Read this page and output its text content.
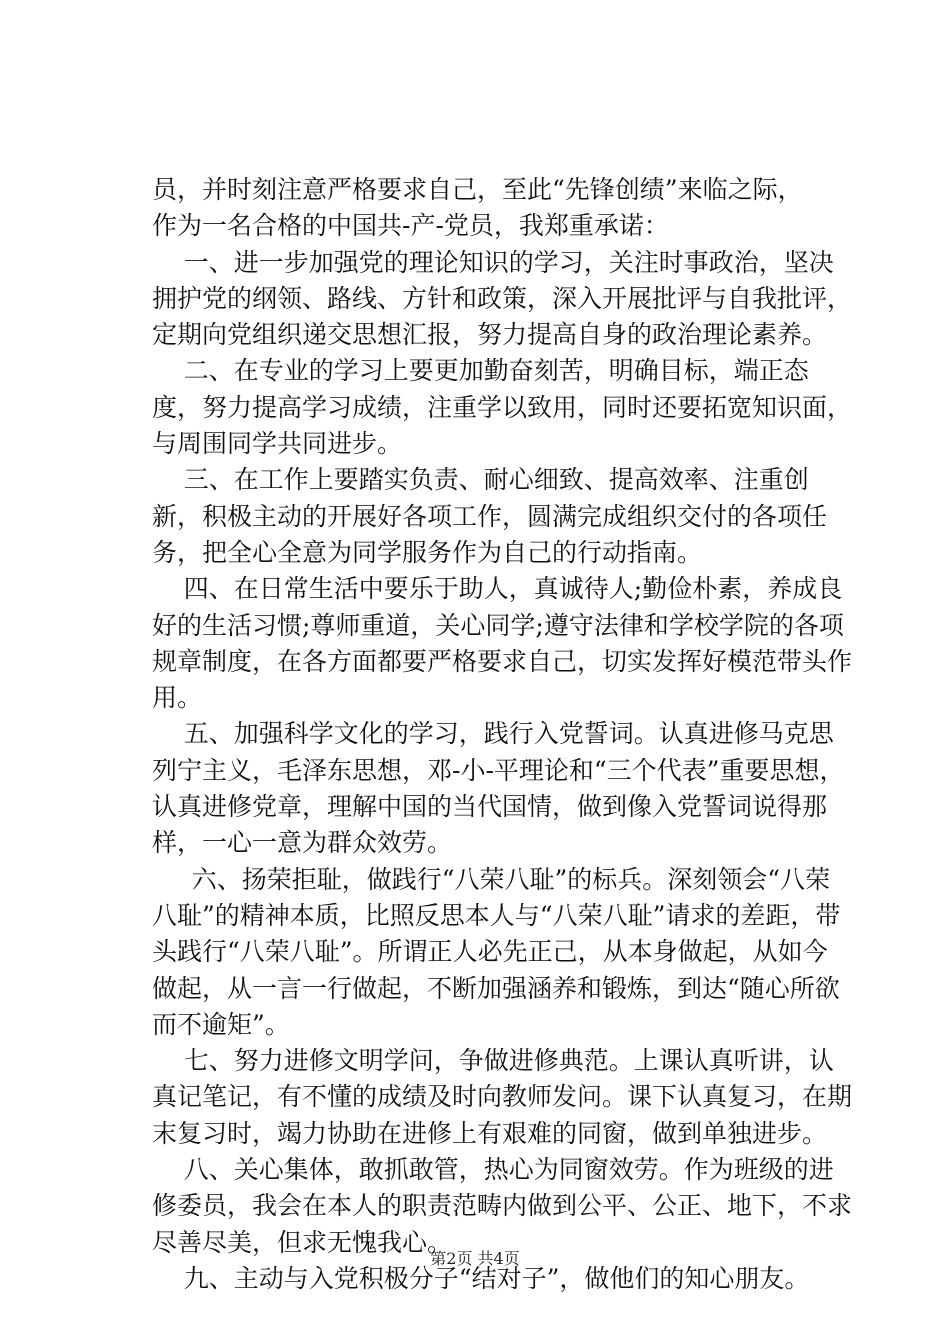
员，并时刻注意严格要求自己，至此“先锋创绩”来临之际，
作为一名合格的中国共-产-党员，我郑重承诺：

一、进一步加强党的理论知识的学习，关注时事政治，坚决拥护党的纲领、路线、方针和政策，深入开展批评与自我批评，定期向党组织递交思想汇报，努力提高自身的政治理论素养。

二、在专业的学习上要更加勤奋刻苦，明确目标，端正态度，努力提高学习成绩，注重学以致用，同时还要拓宽知识面，与周围同学共同进步。

三、在工作上要踏实负责、耐心细致、提高效率、注重创新，积极主动的开展好各项工作，圆满完成组织交付的各项任务，把全心全意为同学服务作为自己的行动指南。

四、在日常生活中要乐于助人，真诚待人;勤俭朴素，养成良好的生活习惯;尊师重道，关心同学;遵守法律和学校学院的各项规章制度，在各方面都要严格要求自己，切实发挥好模范带头作用。

五、加强科学文化的学习，践行入党誓词。认真进修马克思列宁主义，毛泽东思想，邓-小-平理论和“三个代表”重要思想，认真进修党章，理解中国的当代国情，做到像入党誓词说得那样，一心一意为群众效劳。

六、扬荣拒耻，做践行“八荣八耻”的标兵。深刻领会“八荣八耻”的精神本质，比照反思本人与“八荣八耻”请求的差距，带头践行“八荣八耻”。所谓正人必先正己，从本身做起，从如今做起，从一言一行做起，不断加强涵养和锻炼，到达“随心所欲而不逾矩”。

七、努力进修文明学问，争做进修典范。上课认真听讲，认真记笔记，有不懂的成绩及时向教师发问。课下认真复习，在期末复习时，竭力协助在进修上有艰难的同窗，做到单独进步。

八、关心集体，敢抓敢管，热心为同窗效劳。作为班级的进修委员，我会在本人的职责范畴内做到公平、公正、地下，不求尽善尽美，但求无愧我心。

九、主动与入党积极分子“结对子”，做他们的知心朋友。

第2页 共4页
